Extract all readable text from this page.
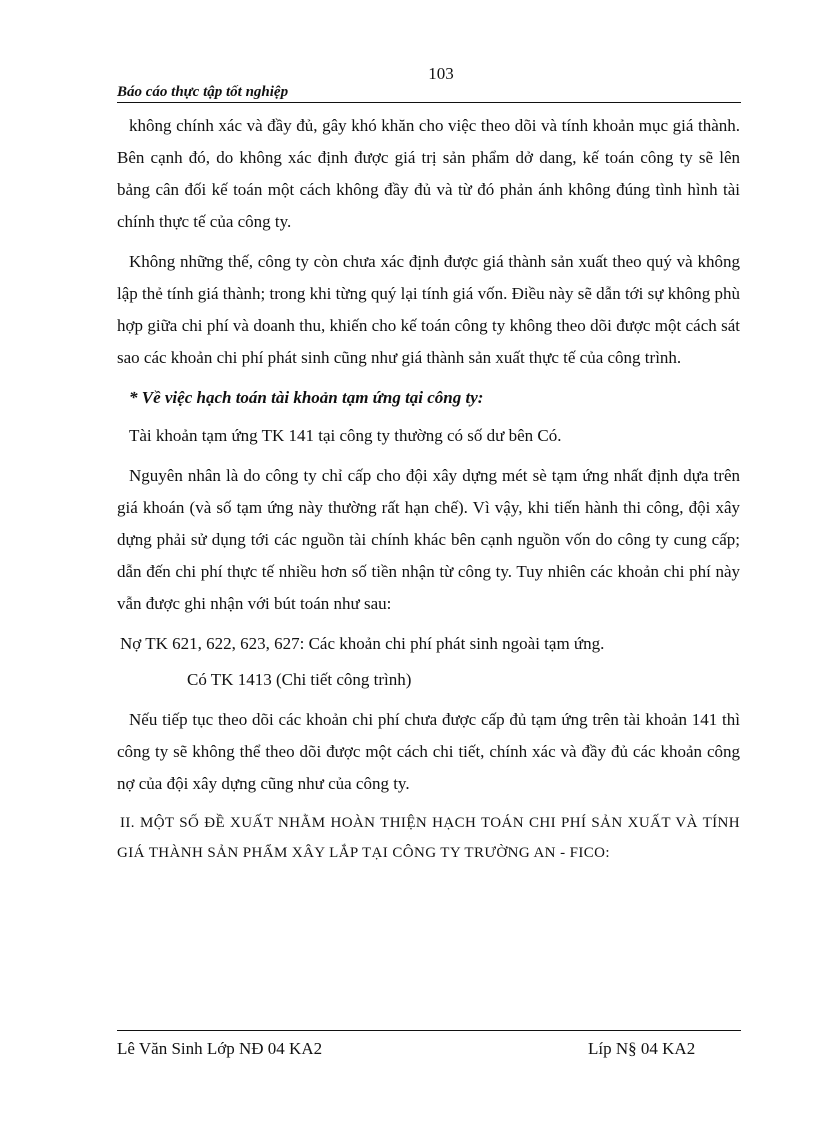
103
Báo cáo thực tập tốt nghiệp

không chính xác và đầy đủ, gây khó khăn cho việc theo dõi và tính khoản mục giá thành. Bên cạnh đó, do không xác định được giá trị sản phẩm dở dang, kế toán công ty sẽ lên bảng cân đối kế toán một cách không đầy đủ và từ đó phản ánh không đúng tình hình tài chính thực tế của công ty.

Không những thế, công ty còn chưa xác định được giá thành sản xuất theo quý và không lập thẻ tính giá thành; trong khi từng quý lại tính giá vốn. Điều này sẽ dẫn tới sự không phù hợp giữa chi phí và doanh thu, khiến cho kế toán công ty không theo dõi được một cách sát sao các khoản chi phí phát sinh cũng như giá thành sản xuất thực tế của công trình.

* Về việc hạch toán tài khoản tạm ứng tại công ty:

Tài khoản tạm ứng TK 141 tại công ty thường có số dư bên Có.

Nguyên nhân là do công ty chỉ cấp cho đội xây dựng mét sè tạm ứng nhất định dựa trên giá khoán (và số tạm ứng này thường rất hạn chế). Vì vậy, khi tiến hành thi công, đội xây dựng phải sử dụng tới các nguồn tài chính khác bên cạnh nguồn vốn do công ty cung cấp; dẫn đến chi phí thực tế nhiều hơn số tiền nhận từ công ty. Tuy nhiên các khoản chi phí này vẫn được ghi nhận với bút toán như sau:

Nợ TK 621, 622, 623, 627: Các khoản chi phí phát sinh ngoài tạm ứng.

Có TK 1413 (Chi tiết công trình)

Nếu tiếp tục theo dõi các khoản chi phí chưa được cấp đủ tạm ứng trên tài khoản 141 thì công ty sẽ không thể theo dõi được một cách chi tiết, chính xác và đầy đủ các khoản công nợ của đội xây dựng cũng như của công ty.

II. MỘT SỐ ĐỀ XUẤT NHẰM HOÀN THIỆN HẠCH TOÁN CHI PHÍ SẢN XUẤT VÀ TÍNH GIÁ THÀNH SẢN PHẨM XÂY LẮP TẠI CÔNG TY TRƯỜNG AN - FICO:

Lê Văn Sinh Lớp NĐ 04 KA2	Líp N§ 04 KA2
